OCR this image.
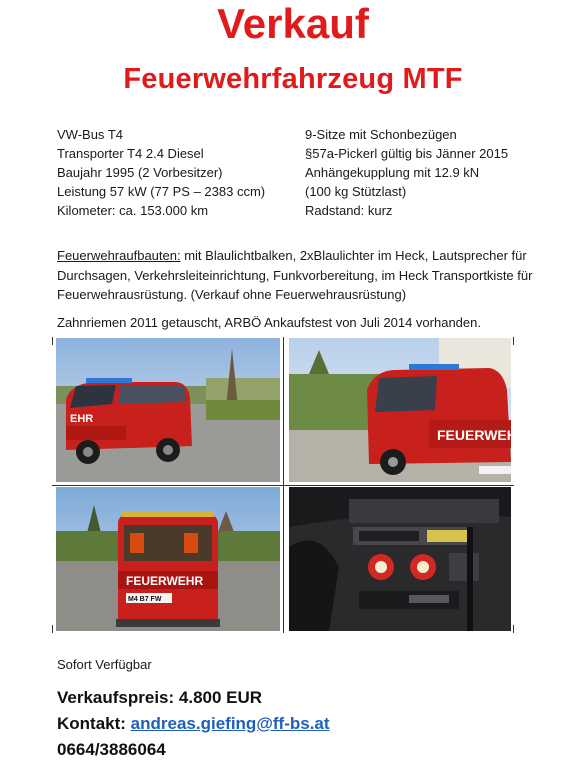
Verkauf
Feuerwehrfahrzeug MTF
VW-Bus T4
Transporter T4 2.4 Diesel
Baujahr 1995 (2 Vorbesitzer)
Leistung 57 kW (77 PS – 2383 ccm)
Kilometer: ca. 153.000 km
9-Sitze mit Schonbezügen
§57a-Pickerl gültig bis Jänner 2015
Anhängekupplung mit 12.9 kN
(100 kg Stützlast)
Radstand: kurz
Feuerwehraufbauten: mit Blaulichtbalken, 2xBlaulichter im Heck, Lautsprecher für Durchsagen, Verkehrsleiteinrichtung, Funkvorbereitung, im Heck Transportkiste für Feuerwehrausrüstung. (Verkauf ohne Feuerwehrausrüstung)
Zahnriemen 2011 getauscht, ARBÖ Ankaufstest von Juli 2014 vorhanden.
EHR
FEUERWEHR
FEUERWEHR
M4 B7 FW
Sofort Verfügbar
Verkaufspreis: 4.800 EUR
Kontakt: andreas.giefing@ff-bs.at
0664/3886064
